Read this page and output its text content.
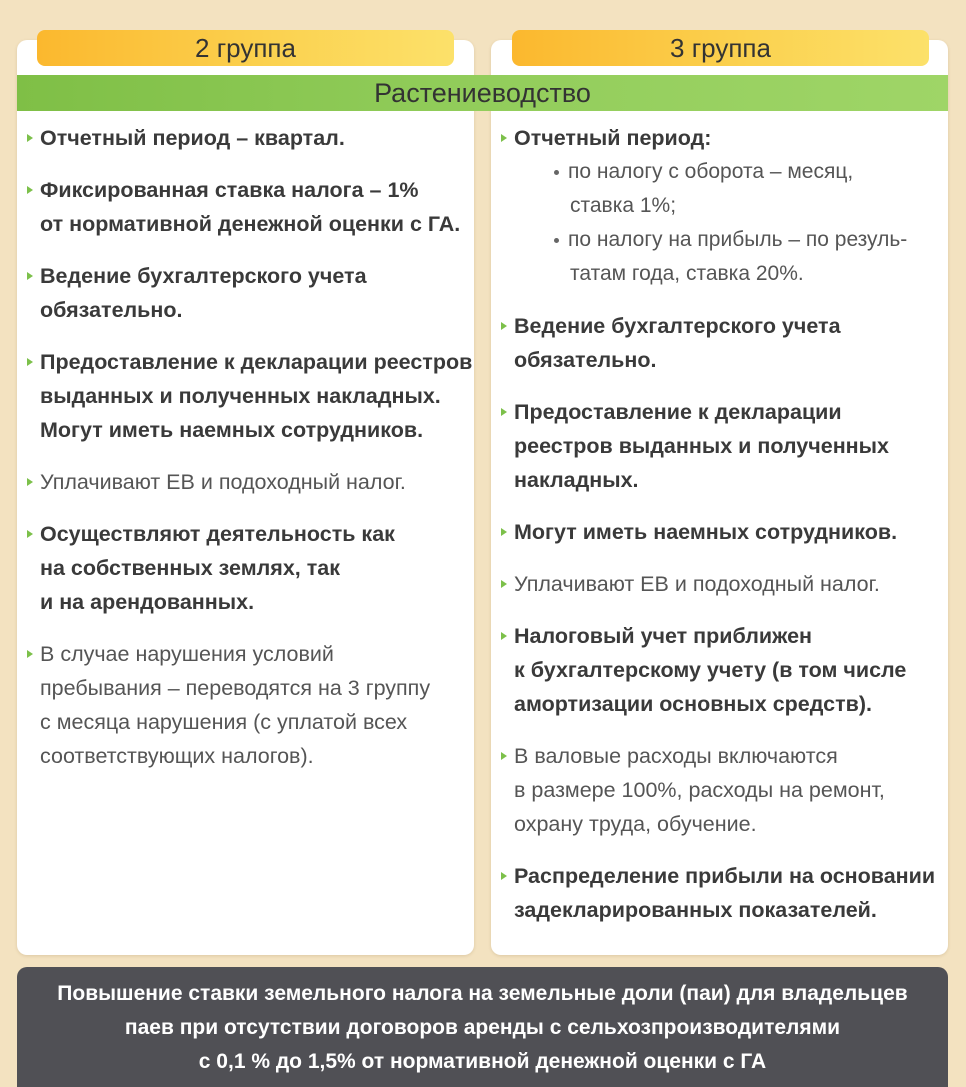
2 группа	3 группа
Растениеводство
Отчетный период – квартал.
Фиксированная ставка налога – 1%
от нормативной денежной оценки с ГА.
Ведение бухгалтерского учета
обязательно.
Предоставление к декларации реестров
выданных и полученных накладных.
Могут иметь наемных сотрудников.
Уплачивают ЕВ и подоходный налог.
Осуществляют деятельность как
на собственных землях, так
и на арендованных.
В случае нарушения условий
пребывания – переводятся на 3 группу
с месяца нарушения (с уплатой всех
соответствующих налогов).
Отчетный период:
по налогу с оборота – месяц,
ставка 1%;
по налогу на прибыль – по резуль-
татам года, ставка 20%.
Ведение бухгалтерского учета
обязательно.
Предоставление к декларации
реестров выданных и полученных
накладных.
Могут иметь наемных сотрудников.
Уплачивают ЕВ и подоходный налог.
Налоговый учет приближен
к бухгалтерскому учету (в том числе
амортизации основных средств).
В валовые расходы включаются
в размере 100%, расходы на ремонт,
охрану труда, обучение.
Распределение прибыли на основании
задекларированных показателей.
Повышение ставки земельного налога на земельные доли (паи) для владельцев
паев при отсутствии договоров аренды с сельхозпроизводителями
с 0,1 % до 1,5% от нормативной денежной оценки с ГА
